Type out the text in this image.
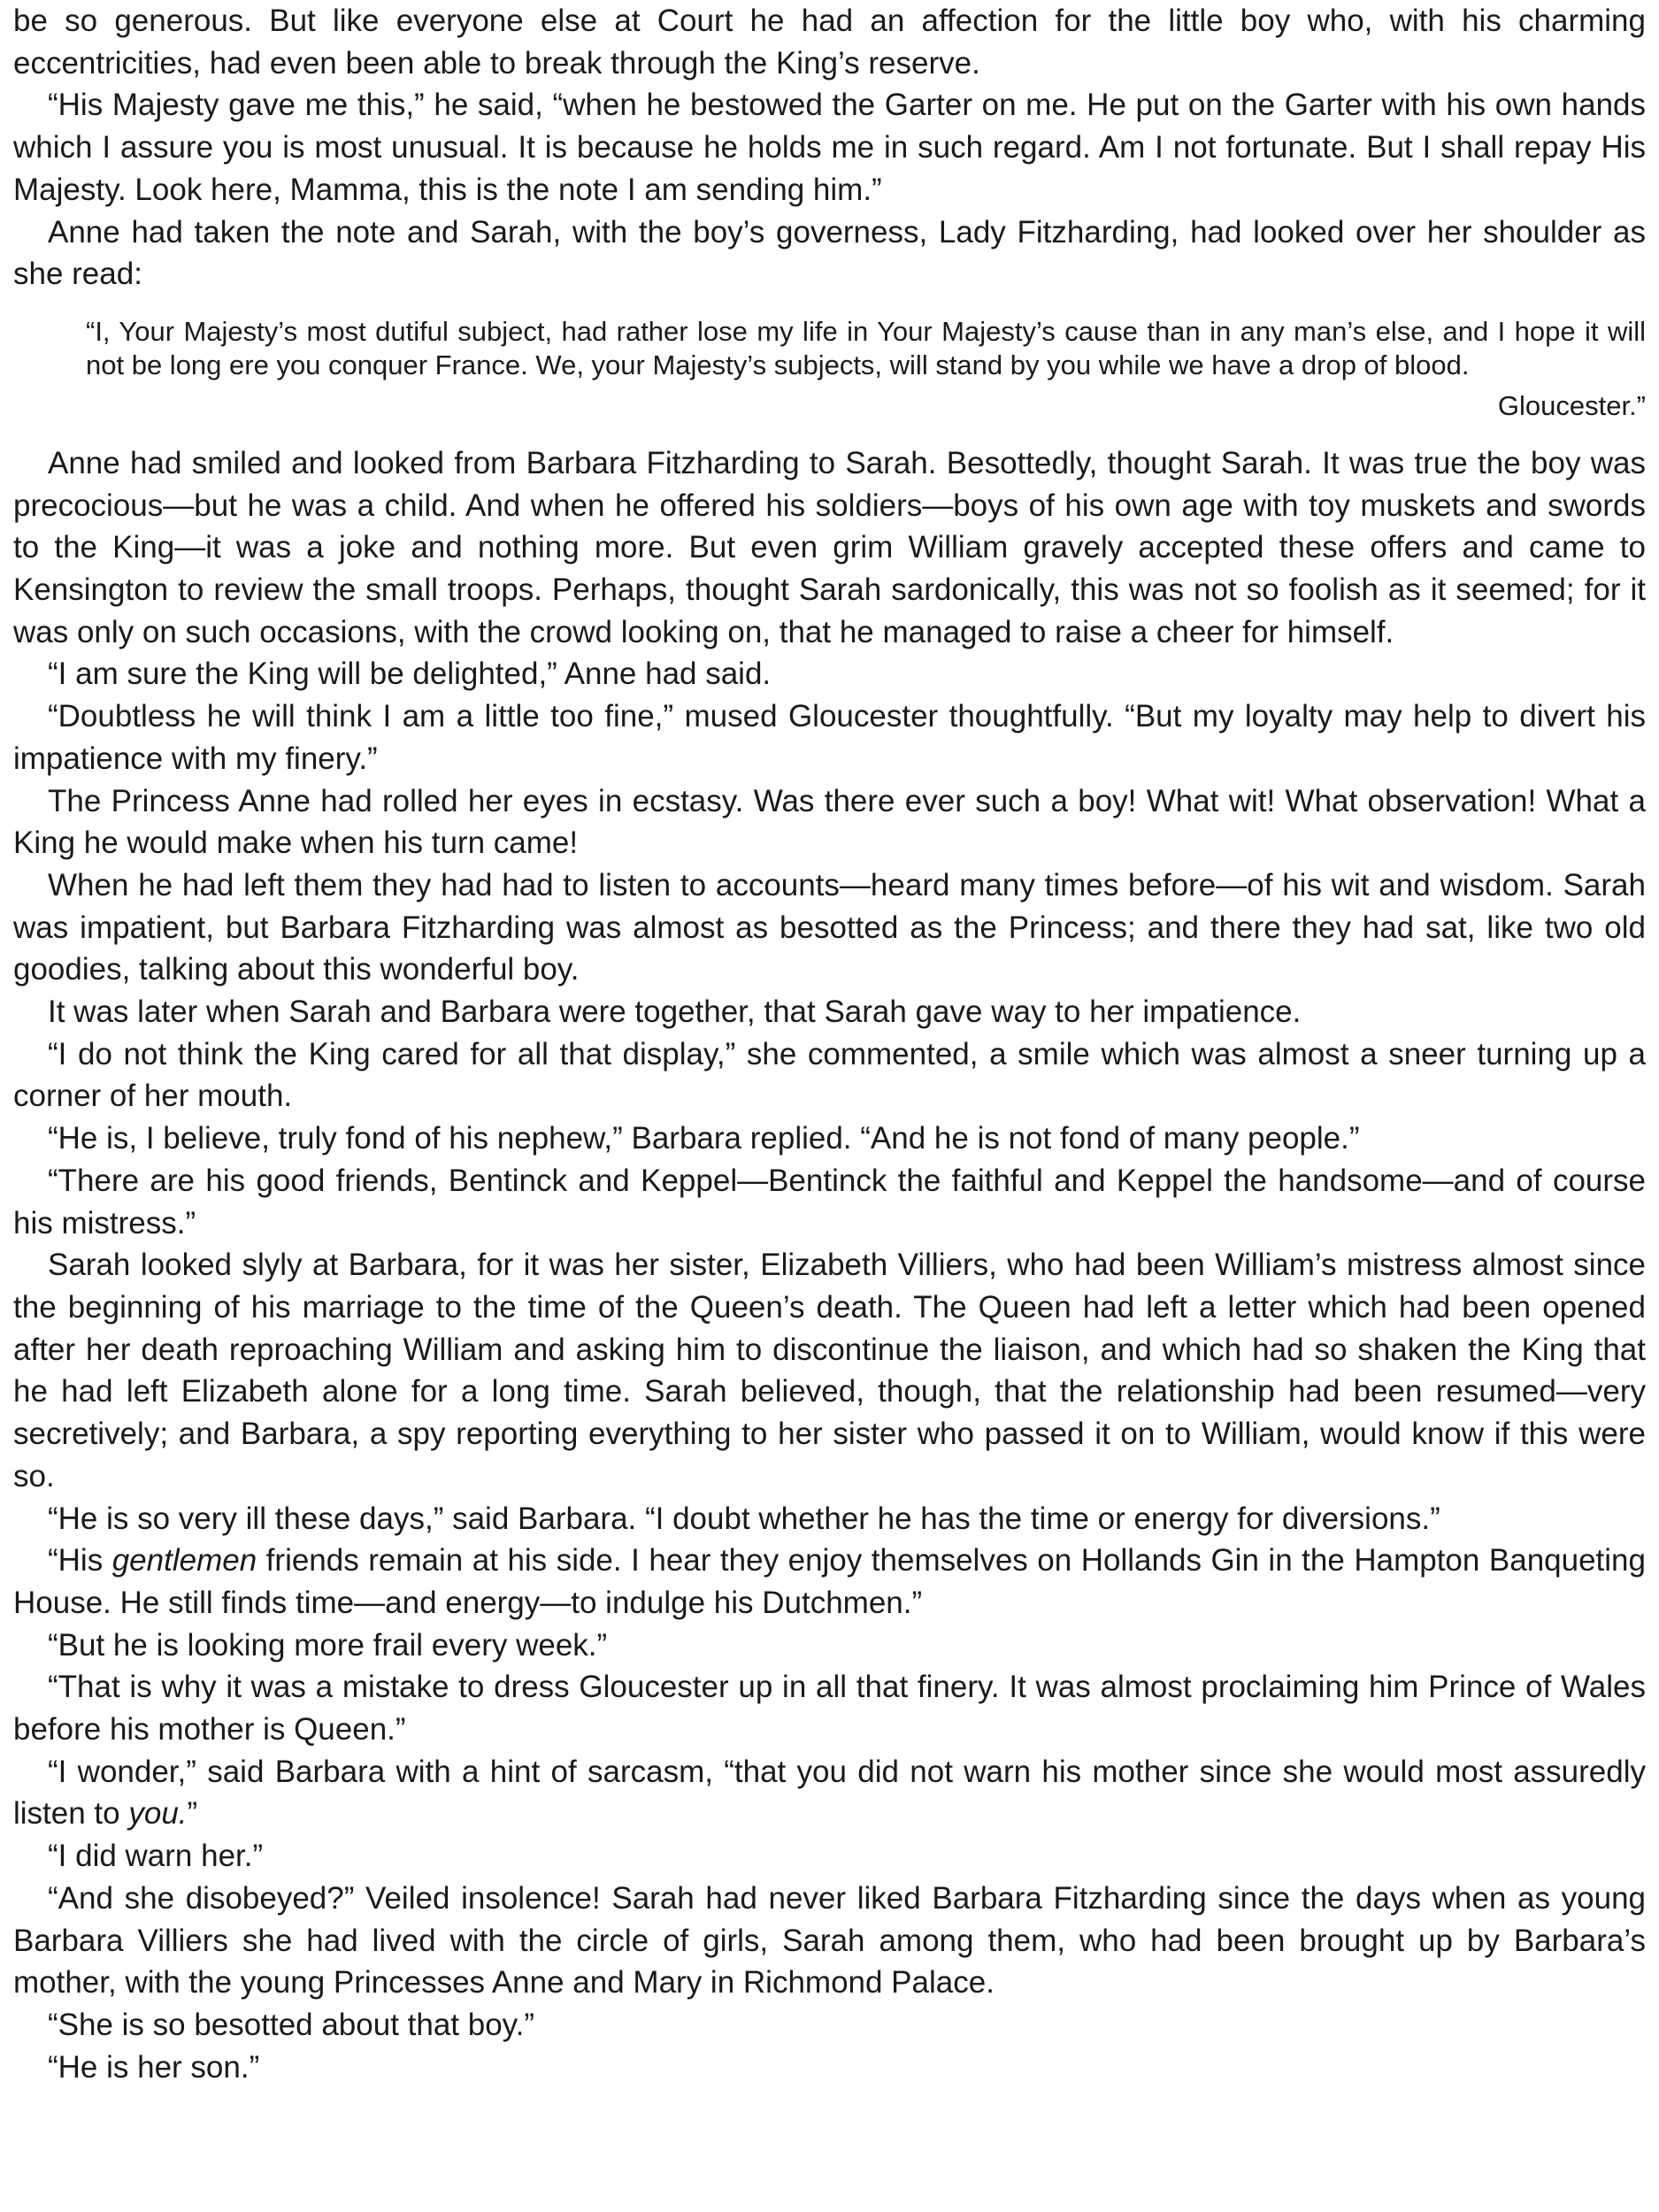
be so generous. But like everyone else at Court he had an affection for the little boy who, with his charming eccentricities, had even been able to break through the King’s reserve.

“His Majesty gave me this,” he said, “when he bestowed the Garter on me. He put on the Garter with his own hands which I assure you is most unusual. It is because he holds me in such regard. Am I not fortunate. But I shall repay His Majesty. Look here, Mamma, this is the note I am sending him.”

Anne had taken the note and Sarah, with the boy’s governess, Lady Fitzharding, had looked over her shoulder as she read:

“I, Your Majesty’s most dutiful subject, had rather lose my life in Your Majesty’s cause than in any man’s else, and I hope it will not be long ere you conquer France. We, your Majesty’s subjects, will stand by you while we have a drop of blood.

Gloucester.”

Anne had smiled and looked from Barbara Fitzharding to Sarah. Besottedly, thought Sarah. It was true the boy was precocious—but he was a child. And when he offered his soldiers—boys of his own age with toy muskets and swords to the King—it was a joke and nothing more. But even grim William gravely accepted these offers and came to Kensington to review the small troops. Perhaps, thought Sarah sardonically, this was not so foolish as it seemed; for it was only on such occasions, with the crowd looking on, that he managed to raise a cheer for himself.

“I am sure the King will be delighted,” Anne had said.

“Doubtless he will think I am a little too fine,” mused Gloucester thoughtfully. “But my loyalty may help to divert his impatience with my finery.”

The Princess Anne had rolled her eyes in ecstasy. Was there ever such a boy! What wit! What observation! What a King he would make when his turn came!

When he had left them they had had to listen to accounts—heard many times before—of his wit and wisdom. Sarah was impatient, but Barbara Fitzharding was almost as besotted as the Princess; and there they had sat, like two old goodies, talking about this wonderful boy.

It was later when Sarah and Barbara were together, that Sarah gave way to her impatience.

“I do not think the King cared for all that display,” she commented, a smile which was almost a sneer turning up a corner of her mouth.

“He is, I believe, truly fond of his nephew,” Barbara replied. “And he is not fond of many people.”

“There are his good friends, Bentinck and Keppel—Bentinck the faithful and Keppel the handsome—and of course his mistress.”

Sarah looked slyly at Barbara, for it was her sister, Elizabeth Villiers, who had been William’s mistress almost since the beginning of his marriage to the time of the Queen’s death. The Queen had left a letter which had been opened after her death reproaching William and asking him to discontinue the liaison, and which had so shaken the King that he had left Elizabeth alone for a long time. Sarah believed, though, that the relationship had been resumed—very secretively; and Barbara, a spy reporting everything to her sister who passed it on to William, would know if this were so.

“He is so very ill these days,” said Barbara. “I doubt whether he has the time or energy for diversions.”

“His gentlemen friends remain at his side. I hear they enjoy themselves on Hollands Gin in the Hampton Banqueting House. He still finds time—and energy—to indulge his Dutchmen.”

“But he is looking more frail every week.”

“That is why it was a mistake to dress Gloucester up in all that finery. It was almost proclaiming him Prince of Wales before his mother is Queen.”

“I wonder,” said Barbara with a hint of sarcasm, “that you did not warn his mother since she would most assuredly listen to you.”

“I did warn her.”

“And she disobeyed?” Veiled insolence! Sarah had never liked Barbara Fitzharding since the days when as young Barbara Villiers she had lived with the circle of girls, Sarah among them, who had been brought up by Barbara’s mother, with the young Princesses Anne and Mary in Richmond Palace.

“She is so besotted about that boy.”

“He is her son.”
